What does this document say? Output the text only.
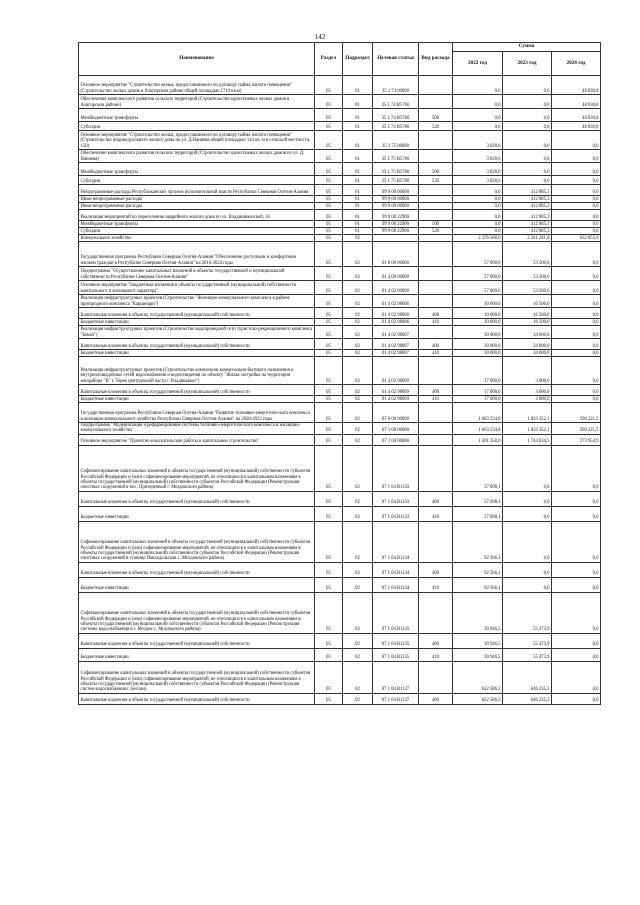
142
Наименование	Раздел	Подраздел	Целевая статья	Вид расхода	Сумма		
					2022 год	2023 год	2024 год
Основное мероприятие "Строительство жилья, предоставляемого по договору найма жилого помещения" (Строительство жилых домов в Алагирском районе общей площадью 1710 кв.м)	05	01	35 1 74 00000		0,0	0,0	48 830,8
Обеспечение комплексного развития сельских территорий (Строительство одноэтажных жилых домов в Алагирском районе)	05	01	35 1 74 R5760		0,0	0,0	48 830,8
Межбюджетные трансферты	05	01	35 1 74 R5760	500	0,0	0,0	48 830,8
Субсидии	05	01	35 1 74 R5760	520	0,0	0,0	48 830,8
Основное мероприятие "Строительство жилья, предоставляемого по договору найма жилого помещения" (Строительство индивидуального жилого дома по ул. Д.Наниева общей площадью 144 кв. м в сельской местности, 150)	05	01	35 1 75 00000		3 028,6	0,0	0,0
Обеспечение комплексного развития сельских территорий (Строительство одноэтажных жилых домов по ул. Д. Наниева)	05	01	35 1 75 R5760		3 028,6	0,0	0,0
Межбюджетные трансферты	05	01	35 1 75 R5760	500	3 028,6	0,0	0,0
Субсидии	05	01	35 1 75 R5760	520	3 028,6	0,0	0,0
Непрограммные расходы Республиканских органов исполнительной власти Республики Северная Осетия-Алания	05	01	99 9 00 00000		0,0	412 885,3	0,0
Иные непрограммные расходы	05	01	99 9 00 00000		0,0	412 885,3	0,0
Иные непрограммные расходы	05	01	99 9 00 00000		0,0	412 885,3	0,0
Реализация мероприятий по переселению аварийного жилого дома по ул. Владикавказской, 34	05	01	99 9 00 22900		0,0	412 885,3	0,0
Межбюджетные трансферты	05	01	99 9 00 22900	500	0,0	412 885,3	0,0
Субсидии	05	01	99 9 00 22900	520	0,0	412 885,3	0,0
Коммунальное хозяйство	05	02			2 376 568,0	2 341 241,6	632 055,9
Государственная программа Республики Северная Осетия-Алания "Обеспечение доступным и комфортным жильем граждан в Республике Северная Осетия-Алания" на 2016-2024 годы	05	02	01 0 00 00000		57 000,0	53 500,0	0,0
Подпрограмма "Осуществление капитальных вложений в объекты государственной и муниципальной собственности Республики Северная Осетия-Алания"	05	02	01 4 00 00000		57 000,0	53 500,0	0,0
Основное мероприятие "Бюджетные вложения в объекты государственной (муниципальной) собственности капитального и жилищного характера"	05	02	01 4 02 00000		57 000,0	53 500,0	0,0
Реализация инфраструктурных проектов (Строительство "Жилищно-коммунального комплекса в районе пригородного комплекса "Карцинари")	05	02	01 4 02 98006		10 000,0	16 500,0	0,0
Капитальные вложения в объекты государственной (муниципальной) собственности	05	02	01 4 02 98006	400	10 000,0	16 500,0	0,0
Бюджетные инвестиции	05	02	01 4 02 98006	410	10 000,0	16 500,0	0,0
Реализация инфраструктурных проектов (Строительство водопроводной сети туристско-рекреационного комплекса "Бекан")	05	02	01 4 02 98007		30 000,0	34 000,0	0,0
Капитальные вложения в объекты государственной (муниципальной) собственности	05	02	01 4 02 98007	400	30 000,0	34 000,0	0,0
Бюджетные инвестиции	05	02	01 4 02 98007	410	30 000,0	34 000,0	0,0
Реализация инфраструктурных проектов (Строительство комплексов коммунально-бытового назначения и внутриплощадочных сетей водоснабжения и водоотведения по объекту "Жилая застройка на территории жилрайона "В" г. Терек центральной части г. Владикавказ")	05	02	01 4 02 98009		17 000,0	3 000,0	0,0
Капитальные вложения в объекты государственной (муниципальной) собственности	05	02	01 4 02 98009	400	17 000,0	3 000,0	0,0
Бюджетные инвестиции	05	02	01 4 02 98009	410	17 000,0	3 000,0	0,0
Государственная программа Республики Северная Осетия-Алания "Развитие топливно-энергетического комплекса и жилищно-коммунального хозяйства Республики Северная Осетия-Алания" на 2020-2022 годы	05	02	07 0 00 00000		1 663 234,8	1 833 352,1	390 221,5
Подпрограмма "Модернизация и реформирование системы топливно-энергетического комплекса и жилищно-коммунального хозяйства"	05	02	07 1 00 00000		1 663 234,8	1 833 352,1	390 221,5
Основное мероприятие "Проектно-изыскательские работы и капитальное строительство"	05	02	07 1 04 00000		1 501 358,0	1 744 834,5	273 954,9
Софинансирование капитальных вложений в объекты государственной (муниципальной) собственности субъектов Российской Федерации и (или) софинансирование мероприятий, не относящихся к капитальным вложениям в объекты государственной (муниципальной) собственности субъектов Российской Федерации (Реконструкция очистных сооружений в пос. Притеречный г. Моздокского района)	05	02	07 1 04 R1133		37 698,1	0,0	0,0
Капитальные вложения в объекты государственной (муниципальной) собственности	05	02	07 1 04 R1133	400	37 698,1	0,0	0,0
Бюджетные инвестиции	05	02	07 1 04 R1133	410	37 698,1	0,0	0,0
Софинансирование капитальных вложений в объекты государственной (муниципальной) собственности субъектов Российской Федерации и (или) софинансирование мероприятий, не относящихся к капитальным вложениям в объекты государственной (муниципальной) собственности субъектов Российской Федерации (Реконструкция очистных сооружений в станице Павлодольская с. Моздокского района)	05	02	07 1 04 R1134		92 566,1	0,0	0,0
Капитальные вложения в объекты государственной (муниципальной) собственности	05	02	07 1 04 R1134	400	92 566,1	0,0	0,0
Бюджетные инвестиции	05	02	07 1 04 R1134	410	92 566,1	0,0	0,0
Софинансирование капитальных вложений в объекты государственной (муниципальной) собственности субъектов Российской Федерации и (или) софинансирование мероприятий, не относящихся к капитальным вложениям в объекты государственной (муниципальной) собственности субъектов Российской Федерации (Реконструкция системы водоснабжения в г. Моздок с. Моздокского района)	05	02	07 1 04 R1135		30 946,5	55 473,9	0,0
Капитальные вложения в объекты государственной (муниципальной) собственности	05	02	07 1 04 R1135	400	30 946,5	55 473,9	0,0
Бюджетные инвестиции	05	02	07 1 04 R1135	410	30 946,5	55 473,9	0,0
Софинансирование капитальных вложений в объекты государственной (муниципальной) собственности субъектов Российской Федерации и (или) софинансирование мероприятий, не относящихся к капитальным вложениям в объекты государственной (муниципальной) собственности субъектов Российской Федерации (Реконструкция систем водоснабжения г. Беслан)	05	02	07 1 04 R1137		622 586,3	646 235,3	0,0
Капитальные вложения в объекты государственной (муниципальной) собственности	05	02	07 1 04 R1137	400	622 586,3	646 235,3	0,0
